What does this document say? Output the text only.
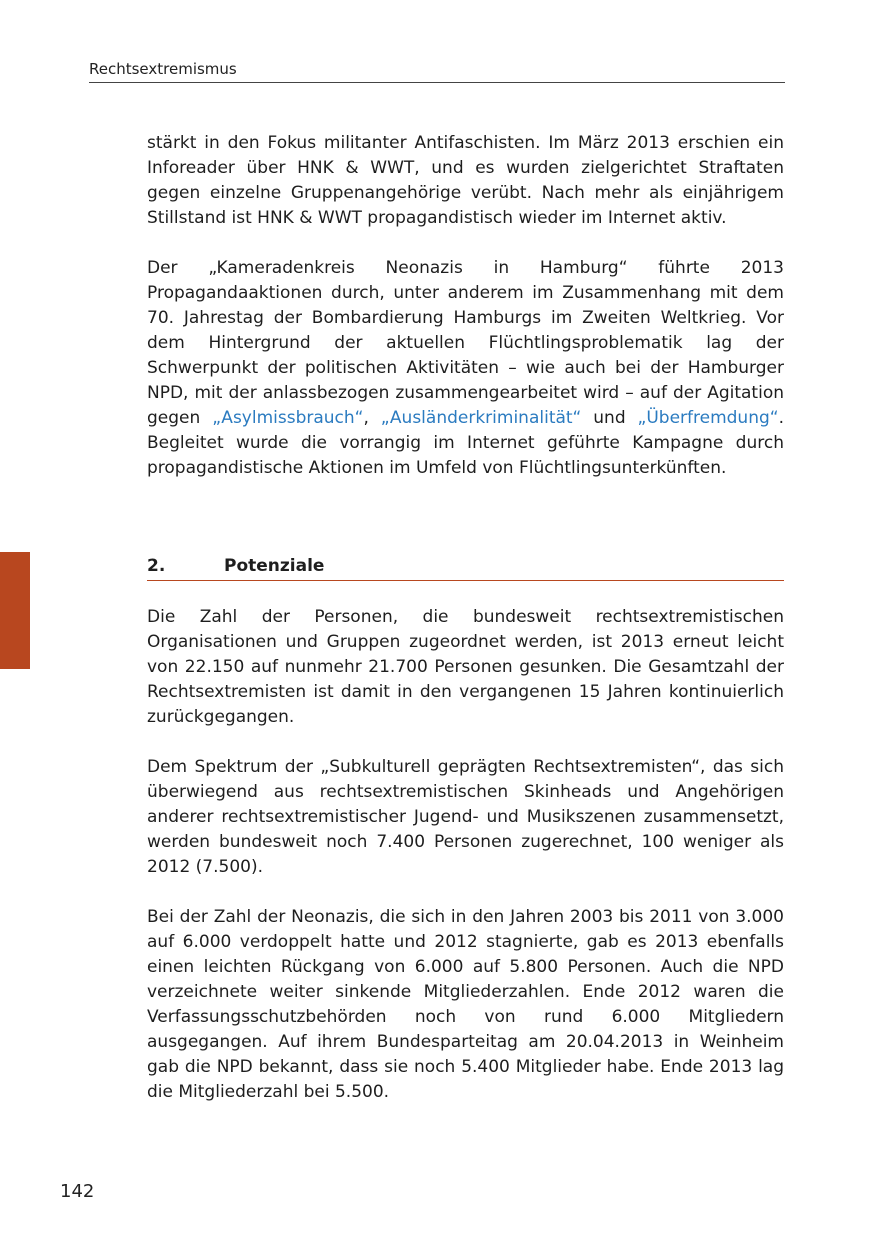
Rechtsextremismus

stärkt in den Fokus militanter Antifaschisten. Im März 2013 erschien ein Inforeader über HNK & WWT, und es wurden zielgerichtet Straftaten gegen einzelne Gruppenangehörige verübt. Nach mehr als einjährigem Stillstand ist HNK & WWT propagandistisch wieder im Internet aktiv.

Der „Kameradenkreis Neonazis in Hamburg“ führte 2013 Propagandaaktionen durch, unter anderem im Zusammenhang mit dem 70. Jahrestag der Bombardierung Hamburgs im Zweiten Weltkrieg. Vor dem Hintergrund der aktuellen Flüchtlingsproblematik lag der Schwerpunkt der politischen Aktivitäten – wie auch bei der Hamburger NPD, mit der anlassbezogen zusammengearbeitet wird – auf der Agitation gegen „Asylmissbrauch“, „Ausländerkriminalität“ und „Überfremdung“. Begleitet wurde die vorrangig im Internet geführte Kampagne durch propagandistische Aktionen im Umfeld von Flüchtlingsunterkünften.

2.	Potenziale

Die Zahl der Personen, die bundesweit rechtsextremistischen Organisationen und Gruppen zugeordnet werden, ist 2013 erneut leicht von 22.150 auf nunmehr 21.700 Personen gesunken. Die Gesamtzahl der Rechtsextremisten ist damit in den vergangenen 15 Jahren kontinuierlich zurückgegangen.

Dem Spektrum der „Subkulturell geprägten Rechtsextremisten“, das sich überwiegend aus rechtsextremistischen Skinheads und Angehörigen anderer rechtsextremistischer Jugend- und Musikszenen zusammensetzt, werden bundesweit noch 7.400 Personen zugerechnet, 100 weniger als 2012 (7.500).

Bei der Zahl der Neonazis, die sich in den Jahren 2003 bis 2011 von 3.000 auf 6.000 verdoppelt hatte und 2012 stagnierte, gab es 2013 ebenfalls einen leichten Rückgang von 6.000 auf 5.800 Personen. Auch die NPD verzeichnete weiter sinkende Mitgliederzahlen. Ende 2012 waren die Verfassungsschutzbehörden noch von rund 6.000 Mitgliedern ausgegangen. Auf ihrem Bundesparteitag am 20.04.2013 in Weinheim gab die NPD bekannt, dass sie noch 5.400 Mitglieder habe. Ende 2013 lag die Mitgliederzahl bei 5.500.

142
